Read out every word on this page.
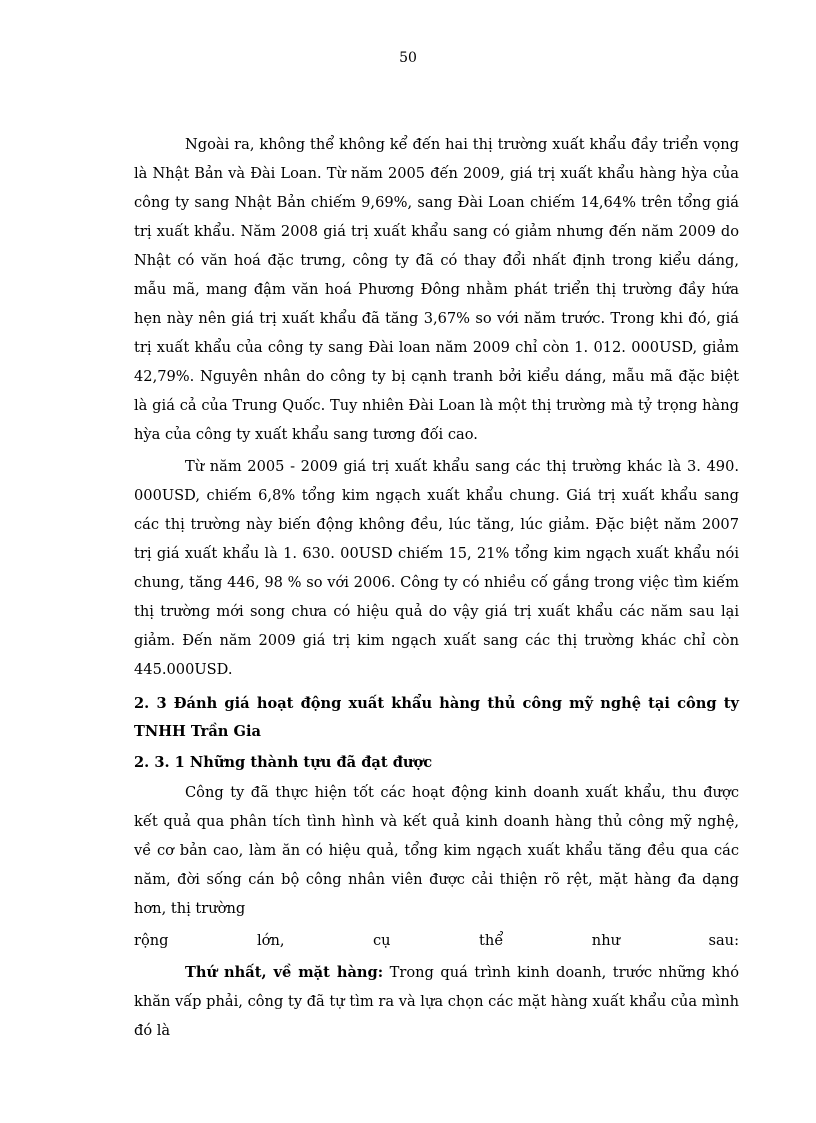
50

Ngoài ra, không thể không kể đến hai thị trường xuất khẩu đầy triển vọng là Nhật Bản và Đài Loan. Từ năm 2005 đến 2009, giá trị xuất khẩu hàng hỳa của công ty sang Nhật Bản chiếm 9,69%, sang Đài Loan chiếm 14,64% trên tổng giá trị xuất khẩu. Năm 2008 giá trị xuất khẩu sang có giảm nhưng đến năm 2009 do Nhật có văn hoá đặc trưng, công ty đã có thay đổi nhất định trong kiểu dáng, mẫu mã, mang đậm văn hoá Phương Đông nhằm phát triển thị trường đầy hứa hẹn này nên giá trị xuất khẩu đã tăng 3,67% so với năm trước. Trong khi đó, giá trị xuất khẩu của công ty sang Đài loan năm 2009 chỉ còn 1. 012. 000USD, giảm 42,79%. Nguyên nhân do công ty bị cạnh tranh bởi kiểu dáng, mẫu mã đặc biệt là giá cả của Trung Quốc. Tuy nhiên Đài Loan là một thị trường mà tỷ trọng hàng hỳa của công ty xuất khẩu sang tương đối cao.

Từ năm 2005 - 2009 giá trị xuất khẩu sang các thị trường khác là 3. 490. 000USD, chiếm 6,8% tổng kim ngạch xuất khẩu chung. Giá trị xuất khẩu sang các thị trường này biến động không đều, lúc tăng, lúc giảm. Đặc biệt năm 2007 trị giá xuất khẩu là 1. 630. 00USD chiếm 15, 21% tổng kim ngạch xuất khẩu nói chung, tăng 446, 98 % so với 2006. Công ty có nhiều cố gắng trong việc tìm kiếm thị trường mới song chưa có hiệu quả do vậy giá trị xuất khẩu các năm sau lại giảm. Đến năm 2009 giá trị kim ngạch xuất sang các thị trường khác chỉ còn 445.000USD.

2. 3 Đánh giá hoạt động xuất khẩu hàng thủ công mỹ nghệ tại công ty TNHH Trần Gia

2. 3. 1 Những thành tựu đã đạt được

Công ty đã thực hiện tốt các hoạt động kinh doanh xuất khẩu, thu được kết quả qua phân tích tình hình và kết quả kinh doanh hàng thủ công mỹ nghệ, về cơ bản cao, làm ăn có hiệu quả, tổng kim ngạch xuất khẩu tăng đều qua các năm, đời sống cán bộ công nhân viên được cải thiện rõ rệt, mặt hàng đa dạng hơn, thị trường

rộng lớn, cụ thể như sau:

Thứ nhất, về mặt hàng: Trong quá trình kinh doanh, trước những khó khăn vấp phải, công ty đã tự tìm ra và lựa chọn các mặt hàng xuất khẩu của mình đó là
